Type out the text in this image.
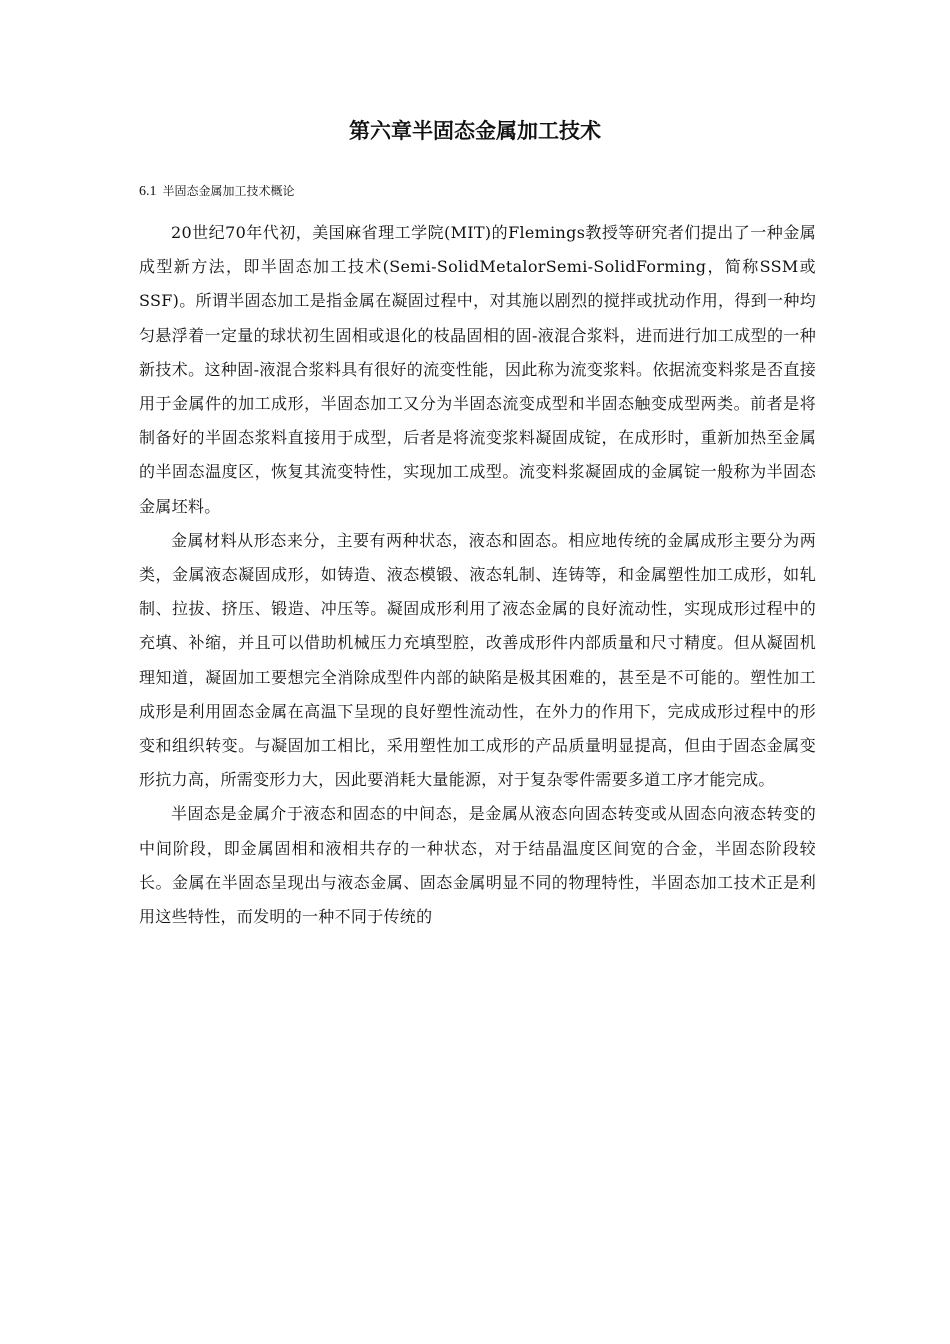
第六章半固态金属加工技术
6.1 半固态金属加工技术概论

20世纪70年代初，美国麻省理工学院(MIT)的Flemings教授等研究者们提出了一种金属成型新方法，即半固态加工技术(Semi-SolidMetalorSemi-SolidForming，简称SSM或SSF)。所谓半固态加工是指金属在凝固过程中，对其施以剧烈的搅拌或扰动作用，得到一种均匀悬浮着一定量的球状初生固相或退化的枝晶固相的固-液混合浆料，进而进行加工成型的一种新技术。这种固-液混合浆料具有很好的流变性能，因此称为流变浆料。依据流变料浆是否直接用于金属件的加工成形，半固态加工又分为半固态流变成型和半固态触变成型两类。前者是将制备好的半固态浆料直接用于成型，后者是将流变浆料凝固成锭，在成形时，重新加热至金属的半固态温度区，恢复其流变特性，实现加工成型。流变料浆凝固成的金属锭一般称为半固态金属坯料。

金属材料从形态来分，主要有两种状态，液态和固态。相应地传统的金属成形主要分为两类，金属液态凝固成形，如铸造、液态模锻、液态轧制、连铸等，和金属塑性加工成形，如轧制、拉拔、挤压、锻造、冲压等。凝固成形利用了液态金属的良好流动性，实现成形过程中的充填、补缩，并且可以借助机械压力充填型腔，改善成形件内部质量和尺寸精度。但从凝固机理知道，凝固加工要想完全消除成型件内部的缺陷是极其困难的，甚至是不可能的。塑性加工成形是利用固态金属在高温下呈现的良好塑性流动性，在外力的作用下，完成成形过程中的形变和组织转变。与凝固加工相比，采用塑性加工成形的产品质量明显提高，但由于固态金属变形抗力高，所需变形力大，因此要消耗大量能源，对于复杂零件需要多道工序才能完成。

半固态是金属介于液态和固态的中间态，是金属从液态向固态转变或从固态向液态转变的中间阶段，即金属固相和液相共存的一种状态，对于结晶温度区间宽的合金，半固态阶段较长。金属在半固态呈现出与液态金属、固态金属明显不同的物理特性，半固态加工技术正是利用这些特性，而发明的一种不同于传统的
